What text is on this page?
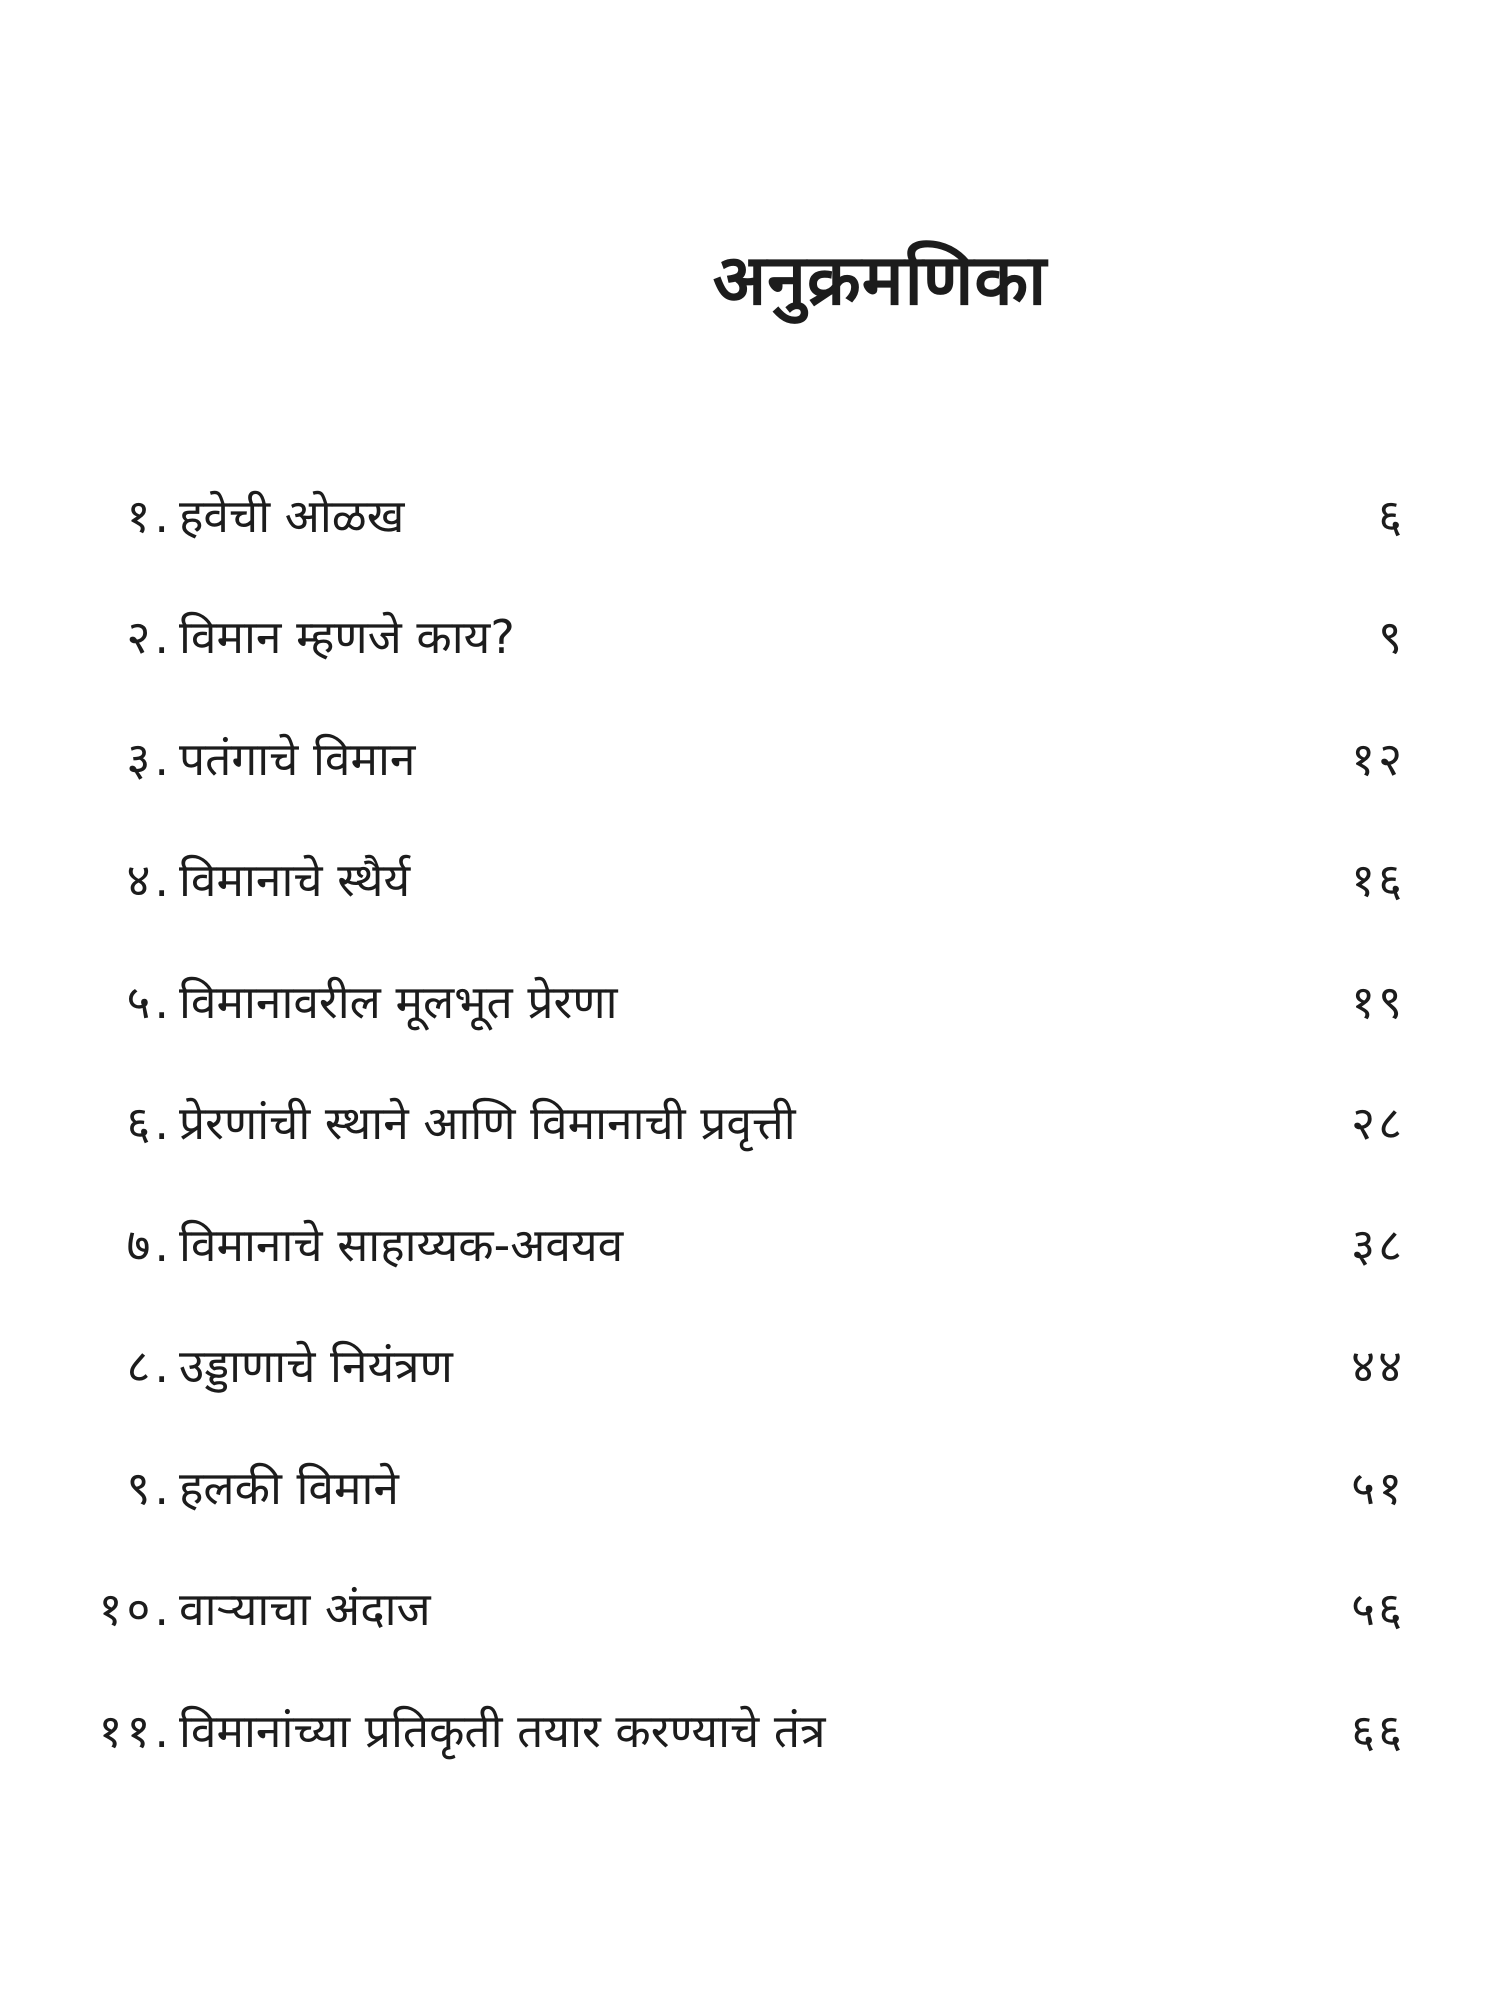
अनुक्रमणिका
१. हवेची ओळख	६
२. विमान म्हणजे काय?	९
३. पतंगाचे विमान	१२
४. विमानाचे स्थैर्य	१६
५. विमानावरील मूलभूत प्रेरणा	१९
६. प्रेरणांची स्थाने आणि विमानाची प्रवृत्ती	२८
७. विमानाचे साहाय्यक-अवयव	३८
८. उड्डाणाचे नियंत्रण	४४
९. हलकी विमाने	५१
१०. वाऱ्याचा अंदाज	५६
११. विमानांच्या प्रतिकृती तयार करण्याचे तंत्र	६६
